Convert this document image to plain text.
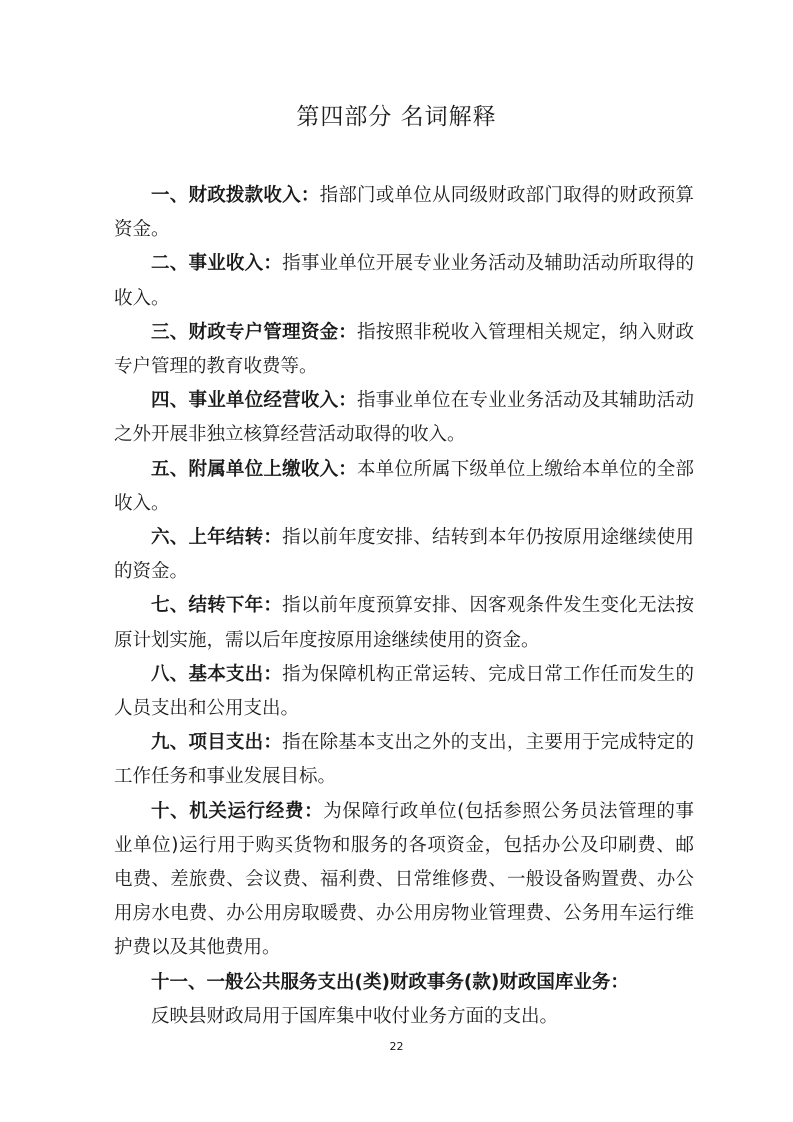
第四部分 名词解释
一、财政拨款收入：指部门或单位从同级财政部门取得的财政预算资金。
二、事业收入：指事业单位开展专业业务活动及辅助活动所取得的收入。
三、财政专户管理资金：指按照非税收入管理相关规定，纳入财政专户管理的教育收费等。
四、事业单位经营收入：指事业单位在专业业务活动及其辅助活动之外开展非独立核算经营活动取得的收入。
五、附属单位上缴收入：本单位所属下级单位上缴给本单位的全部收入。
六、上年结转：指以前年度安排、结转到本年仍按原用途继续使用的资金。
七、结转下年：指以前年度预算安排、因客观条件发生变化无法按原计划实施，需以后年度按原用途继续使用的资金。
八、基本支出：指为保障机构正常运转、完成日常工作任而发生的人员支出和公用支出。
九、项目支出：指在除基本支出之外的支出，主要用于完成特定的工作任务和事业发展目标。
十、机关运行经费：为保障行政单位(包括参照公务员法管理的事业单位)运行用于购买货物和服务的各项资金，包括办公及印刷费、邮电费、差旅费、会议费、福利费、日常维修费、一般设备购置费、办公用房水电费、办公用房取暖费、办公用房物业管理费、公务用车运行维护费以及其他费用。
十一、一般公共服务支出(类)财政事务(款)财政国库业务：
反映县财政局用于国库集中收付业务方面的支出。

22
